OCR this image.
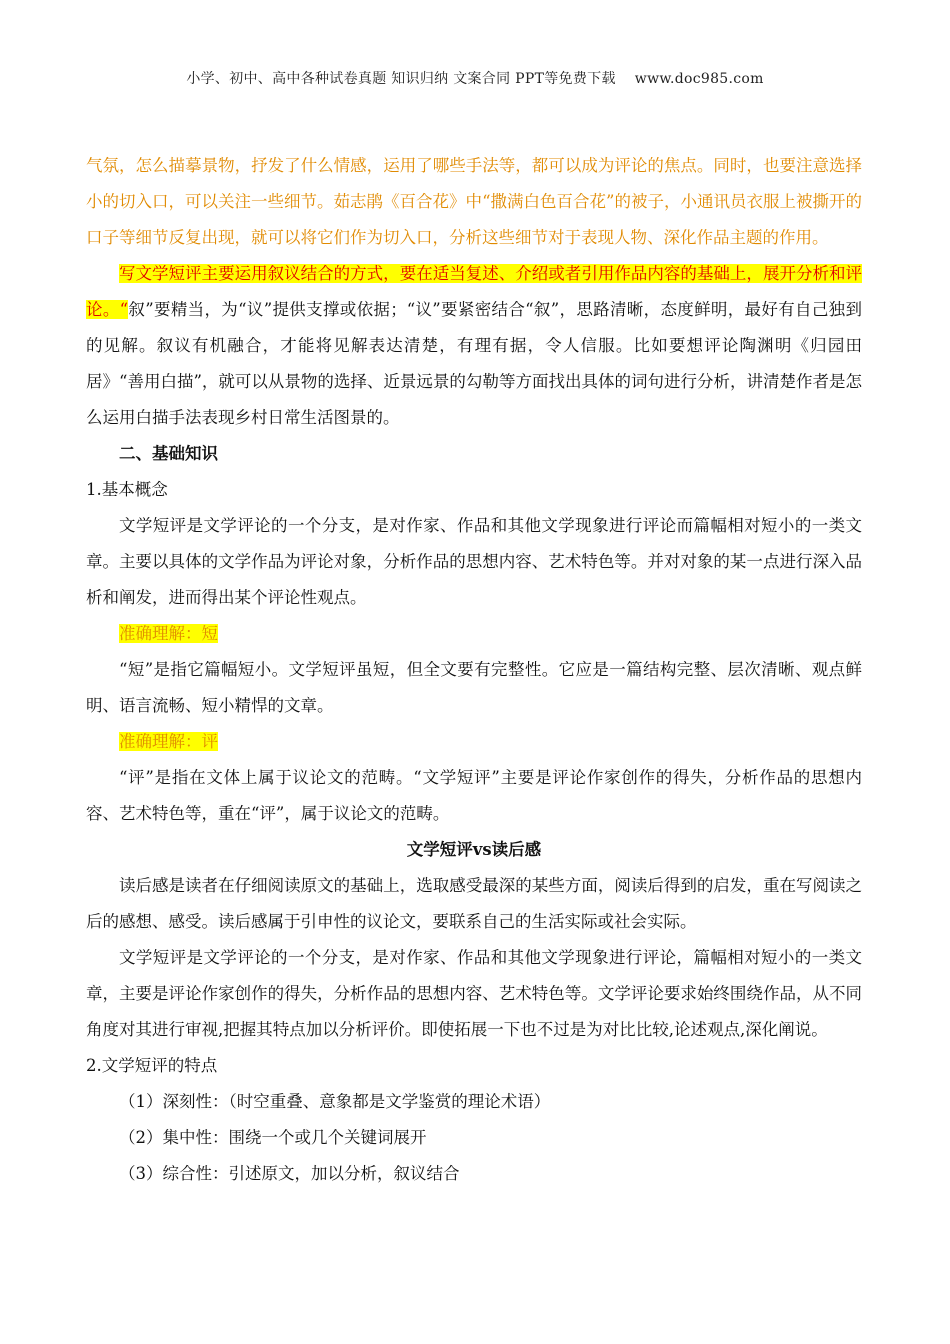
小学、初中、高中各种试卷真题 知识归纳 文案合同 PPT等免费下载　 www.doc985.com

气氛，怎么描摹景物，抒发了什么情感，运用了哪些手法等，都可以成为评论的焦点。同时，也要注意选择小的切入口，可以关注一些细节。茹志鹃《百合花》中“撒满白色百合花”的被子，小通讯员衣服上被撕开的口子等细节反复出现，就可以将它们作为切入口，分析这些细节对于表现人物、深化作品主题的作用。

写文学短评主要运用叙议结合的方式，要在适当复述、介绍或者引用作品内容的基础上，展开分析和评论。“叙”要精当，为“议”提供支撑或依据；“议”要紧密结合“叙”，思路清晰，态度鲜明，最好有自己独到的见解。叙议有机融合，才能将见解表达清楚，有理有据，令人信服。比如要想评论陶渊明《归园田居》“善用白描”，就可以从景物的选择、近景远景的勾勒等方面找出具体的词句进行分析，讲清楚作者是怎么运用白描手法表现乡村日常生活图景的。

二、基础知识

1.基本概念

文学短评是文学评论的一个分支，是对作家、作品和其他文学现象进行评论而篇幅相对短小的一类文章。主要以具体的文学作品为评论对象，分析作品的思想内容、艺术特色等。并对对象的某一点进行深入品析和阐发，进而得出某个评论性观点。

准确理解：短

“短”是指它篇幅短小。文学短评虽短，但全文要有完整性。它应是一篇结构完整、层次清晰、观点鲜明、语言流畅、短小精悍的文章。

准确理解：评

“评”是指在文体上属于议论文的范畴。“文学短评”主要是评论作家创作的得失，分析作品的思想内容、艺术特色等，重在“评”，属于议论文的范畴。

文学短评vs读后感

读后感是读者在仔细阅读原文的基础上，选取感受最深的某些方面，阅读后得到的启发，重在写阅读之后的感想、感受。读后感属于引申性的议论文，要联系自己的生活实际或社会实际。

文学短评是文学评论的一个分支，是对作家、作品和其他文学现象进行评论，篇幅相对短小的一类文章，主要是评论作家创作的得失，分析作品的思想内容、艺术特色等。文学评论要求始终围绕作品，从不同角度对其进行审视,把握其特点加以分析评价。即使拓展一下也不过是为对比比较,论述观点,深化阐说。

2.文学短评的特点

（1）深刻性：（时空重叠、意象都是文学鉴赏的理论术语）

（2）集中性：围绕一个或几个关键词展开

（3）综合性：引述原文，加以分析，叙议结合
